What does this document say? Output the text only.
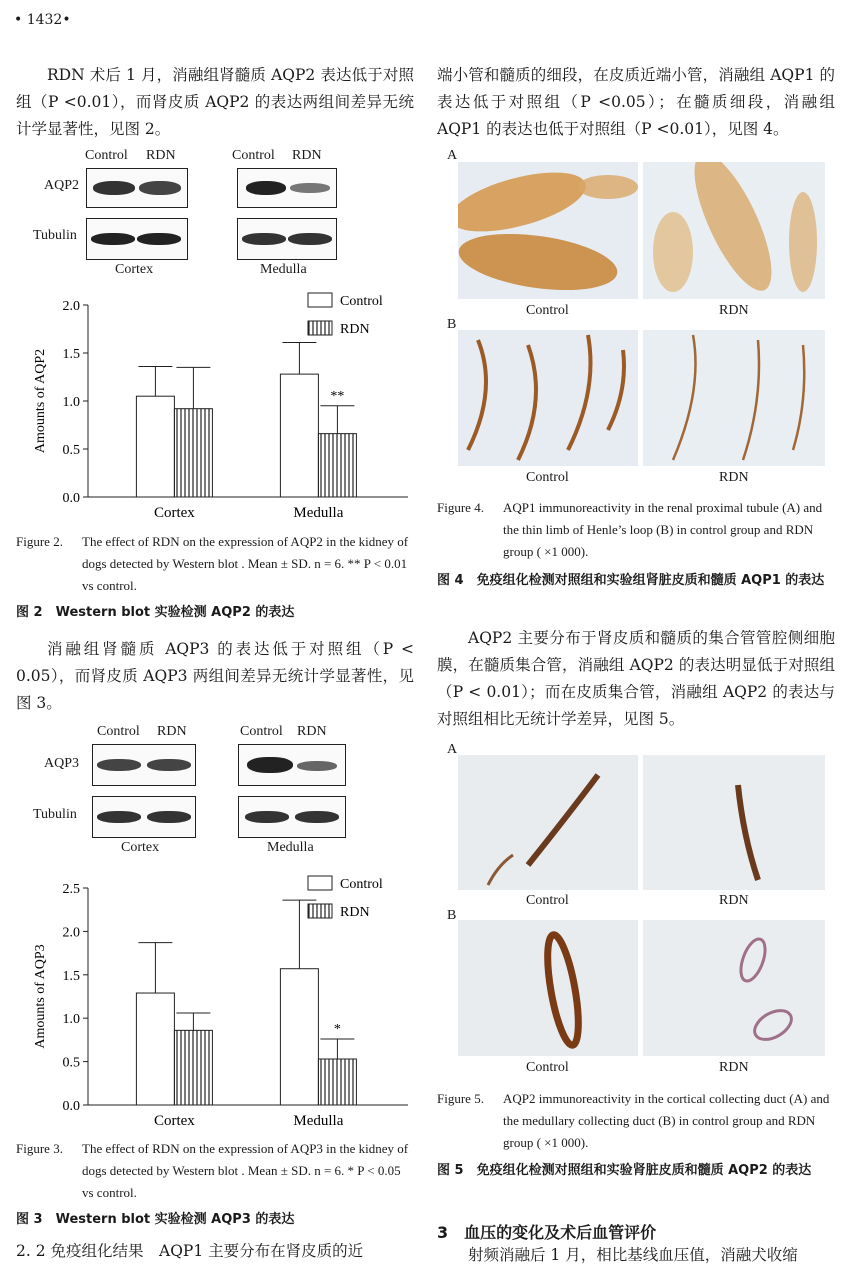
• 1432•
RDN 术后 1 月，消融组肾髓质 AQP2 表达低于对照组（P <0.01），而肾皮质 AQP2 的表达两组间差异无统计学显著性，见图 2。
Control RDN	Control RDN
AQP2
Tubulin
Cortex	Medulla
0.0
0.5
1.0
1.5
2.0
Amounts of AQP2
Cortex
**
Medulla
Control
RDN
Figure 2.	The effect of RDN on the expression of AQP2 in the kidney of dogs detected by Western blot . Mean ± SD. n = 6. ** P < 0.01 vs control.
图 2　Western blot 实验检测 AQP2 的表达
消融组肾髓质 AQP3 的表达低于对照组（P < 0.05），而肾皮质 AQP3 两组间差异无统计学显著性，见图 3。
Control RDN	Control RDN
AQP3
Tubulin
Cortex	Medulla
0.0
0.5
1.0
1.5
2.0
2.5
Amounts of AQP3
Cortex
*
Medulla
Control
RDN
Figure 3.	The effect of RDN on the expression of AQP3 in the kidney of dogs detected by Western blot . Mean ± SD. n = 6. * P < 0.05 vs control.
图 3　Western blot 实验检测 AQP3 的表达
2. 2 免疫组化结果　AQP1 主要分布在肾皮质的近
端小管和髓质的细段，在皮质近端小管，消融组 AQP1 的表达低于对照组（P <0.05）；在髓质细段，消融组 AQP1 的表达也低于对照组（P <0.01），见图 4。
A
Control	RDN
B
Control	RDN
Figure 4.	AQP1 immunoreactivity in the renal proximal tubule (A) and the thin limb of Henle’s loop (B) in control group and RDN group ( ×1 000).
图 4　免疫组化检测对照组和实验组肾脏皮质和髓质 AQP1 的表达
AQP2 主要分布于肾皮质和髓质的集合管管腔侧细胞膜，在髓质集合管，消融组 AQP2 的表达明显低于对照组（P < 0.01）；而在皮质集合管，消融组 AQP2 的表达与对照组相比无统计学差异，见图 5。
A
Control	RDN
B
Control	RDN
Figure 5.	AQP2 immunoreactivity in the cortical collecting duct (A) and the medullary collecting duct (B) in control group and RDN group ( ×1 000).
图 5　免疫组化检测对照组和实验肾脏皮质和髓质 AQP2 的表达
3　血压的变化及术后血管评价
射频消融后 1 月，相比基线血压值，消融犬收缩
